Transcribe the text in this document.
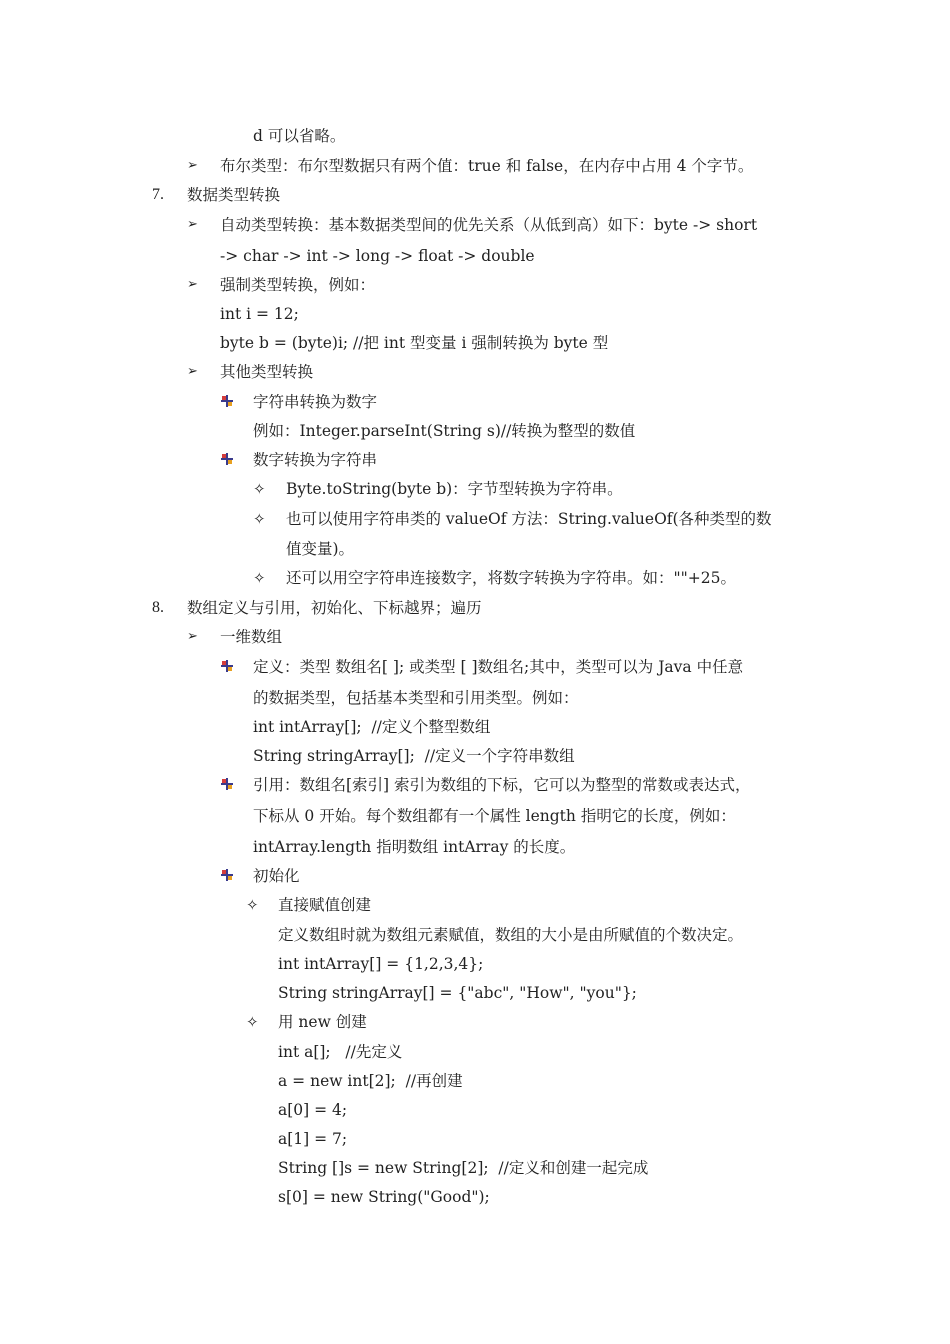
d 可以省略。
➢ 布尔类型：布尔型数据只有两个值：true 和 false，在内存中占用 4 个字节。
7. 数据类型转换
➢ 自动类型转换：基本数据类型间的优先关系（从低到高）如下：byte -> short
-> char -> int -> long -> float -> double
➢ 强制类型转换，例如：
int i = 12;
byte b = (byte)i; //把 int 型变量 i 强制转换为 byte 型
➢ 其他类型转换
字符串转换为数字
例如：Integer.parseInt(String s)//转换为整型的数值
数字转换为字符串
✧ Byte.toString(byte b)：字节型转换为字符串。
✧ 也可以使用字符串类的 valueOf 方法：String.valueOf(各种类型的数
值变量)。
✧ 还可以用空字符串连接数字，将数字转换为字符串。如：""+25。
8. 数组定义与引用，初始化、下标越界；遍历
➢ 一维数组
定义：类型 数组名[ ]; 或类型 [ ]数组名;其中，类型可以为 Java 中任意
的数据类型，包括基本类型和引用类型。例如：
int intArray[];  //定义个整型数组
String stringArray[];  //定义一个字符串数组
引用：数组名[索引] 索引为数组的下标，它可以为整型的常数或表达式，
下标从 0 开始。每个数组都有一个属性 length 指明它的长度，例如：
intArray.length 指明数组 intArray 的长度。
初始化
✧ 直接赋值创建
定义数组时就为数组元素赋值，数组的大小是由所赋值的个数决定。
int intArray[] = {1,2,3,4};
String stringArray[] = {"abc", "How", "you"};
✧ 用 new 创建
int a[];   //先定义
a = new int[2];  //再创建
a[0] = 4;
a[1] = 7;
String []s = new String[2];  //定义和创建一起完成
s[0] = new String("Good");
